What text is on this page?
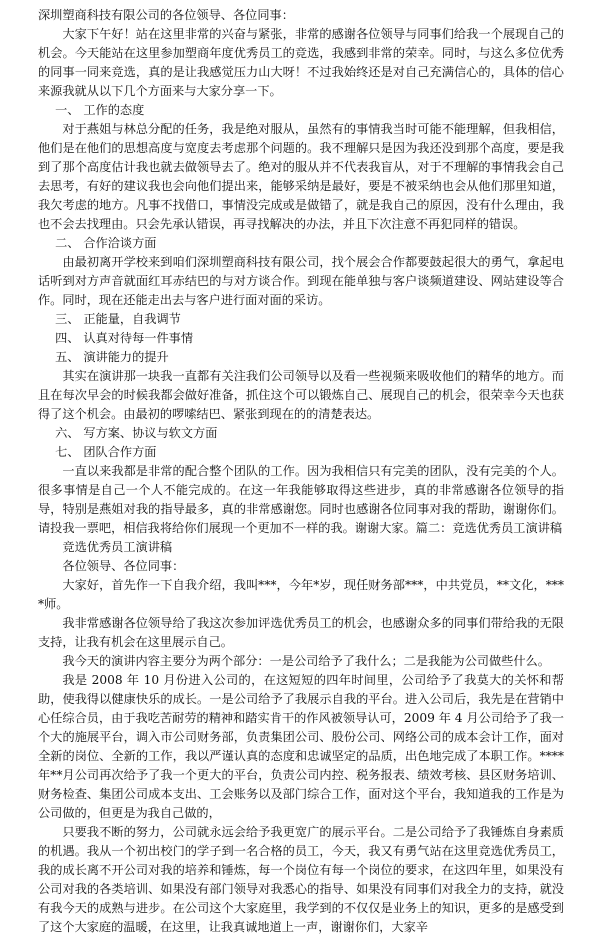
深圳塑商科技有限公司的各位领导、各位同事：

大家下午好！站在这里非常的兴奋与紧张，非常的感谢各位领导与同事们给我一个展现自己的机会。今天能站在这里参加塑商年度优秀员工的竞选，我感到非常的荣幸。同时，与这么多位优秀的同事一同来竞选，真的是让我感觉压力山大呀！不过我始终还是对自己充满信心的，具体的信心来源我就从以下几个方面来与大家分享一下。

一、 工作的态度

对于燕姐与林总分配的任务，我是绝对服从，虽然有的事情我当时可能不能理解，但我相信，他们是在他们的思想高度与宽度去考虑那个问题的。我不理解只是因为我还没到那个高度，要是我到了那个高度估计我也就去做领导去了。绝对的服从并不代表我盲从，对于不理解的事情我会自己去思考，有好的建议我也会向他们提出来，能够采纳是最好，要是不被采纳也会从他们那里知道，我欠考虑的地方。凡事不找借口，事情没完成或是做错了，就是我自己的原因，没有什么理由，我也不会去找理由。只会先承认错误，再寻找解决的办法，并且下次注意不再犯同样的错误。

二、 合作洽谈方面

由最初离开学校来到咱们深圳塑商科技有限公司，找个展会合作都要鼓起很大的勇气，拿起电话听到对方声音就面红耳赤结巴的与对方谈合作。到现在能单独与客户谈频道建设、网站建设等合作。同时，现在还能走出去与客户进行面对面的采访。

三、 正能量，自我调节

四、 认真对待每一件事情

五、 演讲能力的提升

其实在演讲那一块我一直都有关注我们公司领导以及看一些视频来吸收他们的精华的地方。而且在每次早会的时候我都会做好准备，抓住这个可以锻炼自己、展现自己的机会，很荣幸今天也获得了这个机会。由最初的啰嗦结巴、紧张到现在的的清楚表达。

六、 写方案、协议与软文方面

七、 团队合作方面

一直以来我都是非常的配合整个团队的工作。因为我相信只有完美的团队，没有完美的个人。很多事情是自己一个人不能完成的。在这一年我能够取得这些进步，真的非常感谢各位领导的指导，特别是燕姐对我的指导最多，真的非常感谢您。同时也感谢各位同事对我的帮助，谢谢你们。 请投我一票吧，相信我将给你们展现一个更加不一样的我。谢谢大家。篇二：竞选优秀员工演讲稿

竞选优秀员工演讲稿

各位领导、各位同事：

大家好，首先作一下自我介绍，我叫***，今年*岁，现任财务部***，中共党员，**文化，****师。

我非常感谢各位领导给了我这次参加评选优秀员工的机会，也感谢众多的同事们带给我的无限支持，让我有机会在这里展示自己。

我今天的演讲内容主要分为两个部分：一是公司给予了我什么；二是我能为公司做些什么。

我是 2008 年 10 月份进入公司的，在这短短的四年时间里，公司给予了我莫大的关怀和帮助，使我得以健康快乐的成长。一是公司给予了我展示自我的平台。进入公司后，我先是在营销中心任综合员，由于我吃苦耐劳的精神和踏实肯干的作风被领导认可，2009 年 4 月公司给予了我一个大的施展平台，调入市公司财务部，负责集团公司、股份公司、网络公司的成本会计工作，面对全新的岗位、全新的工作，我以严谨认真的态度和忠诚坚定的品质，出色地完成了本职工作。****年**月公司再次给予了我一个更大的平台，负责公司内控、税务报表、绩效考核、县区财务培训、财务检查、集团公司成本支出、工会账务以及部门综合工作，面对这个平台，我知道我的工作是为公司做的，但更是为我自己做的，

只要我不断的努力，公司就永远会给予我更宽广的展示平台。二是公司给予了我锤炼自身素质的机遇。我从一个初出校门的学子到一名合格的员工，今天，我又有勇气站在这里竞选优秀员工，我的成长离不开公司对我的培养和锤炼，每一个岗位有每一个岗位的要求，在这四年里，如果没有公司对我的各类培训、如果没有部门领导对我悉心的指导、如果没有同事们对我全力的支持，就没有我今天的成熟与进步。在公司这个大家庭里，我学到的不仅仅是业务上的知识，更多的是感受到了这个大家庭的温暖，在这里，让我真诚地道上一声，谢谢你们，大家辛
